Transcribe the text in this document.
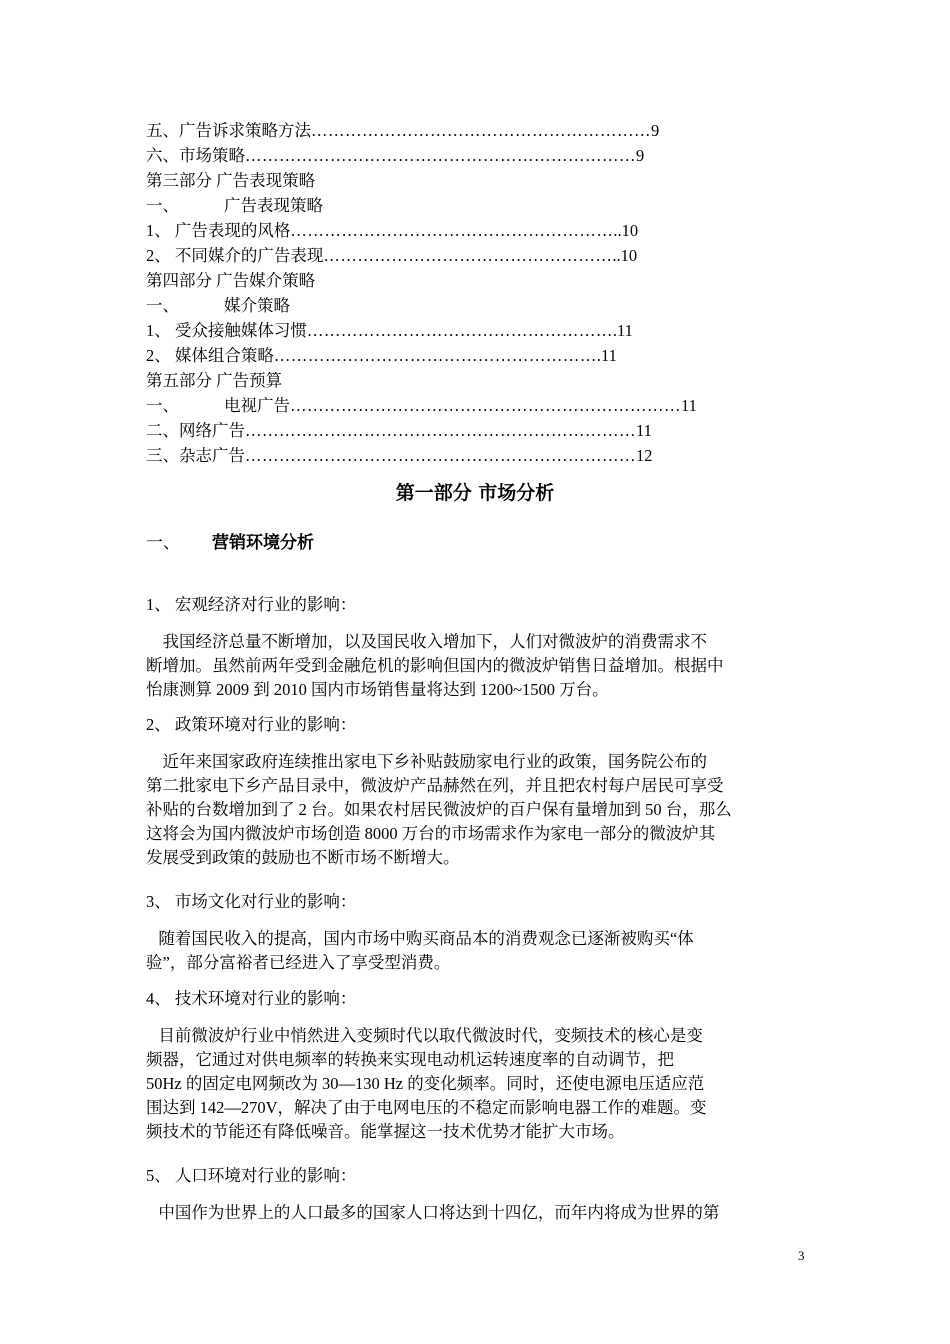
五、广告诉求策略方法……………………………………………………9
六、市场策略……………………………………………………………9
第三部分 广告表现策略
一、	广告表现策略
1、 广告表现的风格…………………………………………………..10
2、 不同媒介的广告表现……………………………………………..10
第四部分 广告媒介策略
一、	媒介策略
1、 受众接触媒体习惯……………………………………………….11
2、 媒体组合策略………………………………………………….11
第五部分 广告预算
一、	电视广告……………………………………………………………11
二、网络广告……………………………………………………………11
三、杂志广告……………………………………………………………12
第一部分 市场分析
一、 营销环境分析
1、 宏观经济对行业的影响：
我国经济总量不断增加，以及国民收入增加下，人们对微波炉的消费需求不
断增加。虽然前两年受到金融危机的影响但国内的微波炉销售日益增加。根据中
怡康测算 2009 到 2010 国内市场销售量将达到 1200~1500 万台。
2、 政策环境对行业的影响：
近年来国家政府连续推出家电下乡补贴鼓励家电行业的政策，国务院公布的
第二批家电下乡产品目录中，微波炉产品赫然在列，并且把农村每户居民可享受
补贴的台数增加到了 2 台。如果农村居民微波炉的百户保有量增加到 50 台，那么
这将会为国内微波炉市场创造 8000 万台的市场需求作为家电一部分的微波炉其
发展受到政策的鼓励也不断市场不断增大。
3、 市场文化对行业的影响：
随着国民收入的提高，国内市场中购买商品本的消费观念已逐渐被购买“体
验”，部分富裕者已经进入了享受型消费。
4、 技术环境对行业的影响：
目前微波炉行业中悄然进入变频时代以取代微波时代，变频技术的核心是变
频器，它通过对供电频率的转换来实现电动机运转速度率的自动调节，把
50Hz 的固定电网频改为 30—130 Hz 的变化频率。同时，还使电源电压适应范
围达到 142—270V，解决了由于电网电压的不稳定而影响电器工作的难题。变
频技术的节能还有降低噪音。能掌握这一技术优势才能扩大市场。
5、 人口环境对行业的影响：
中国作为世界上的人口最多的国家人口将达到十四亿，而年内将成为世界的第
3
